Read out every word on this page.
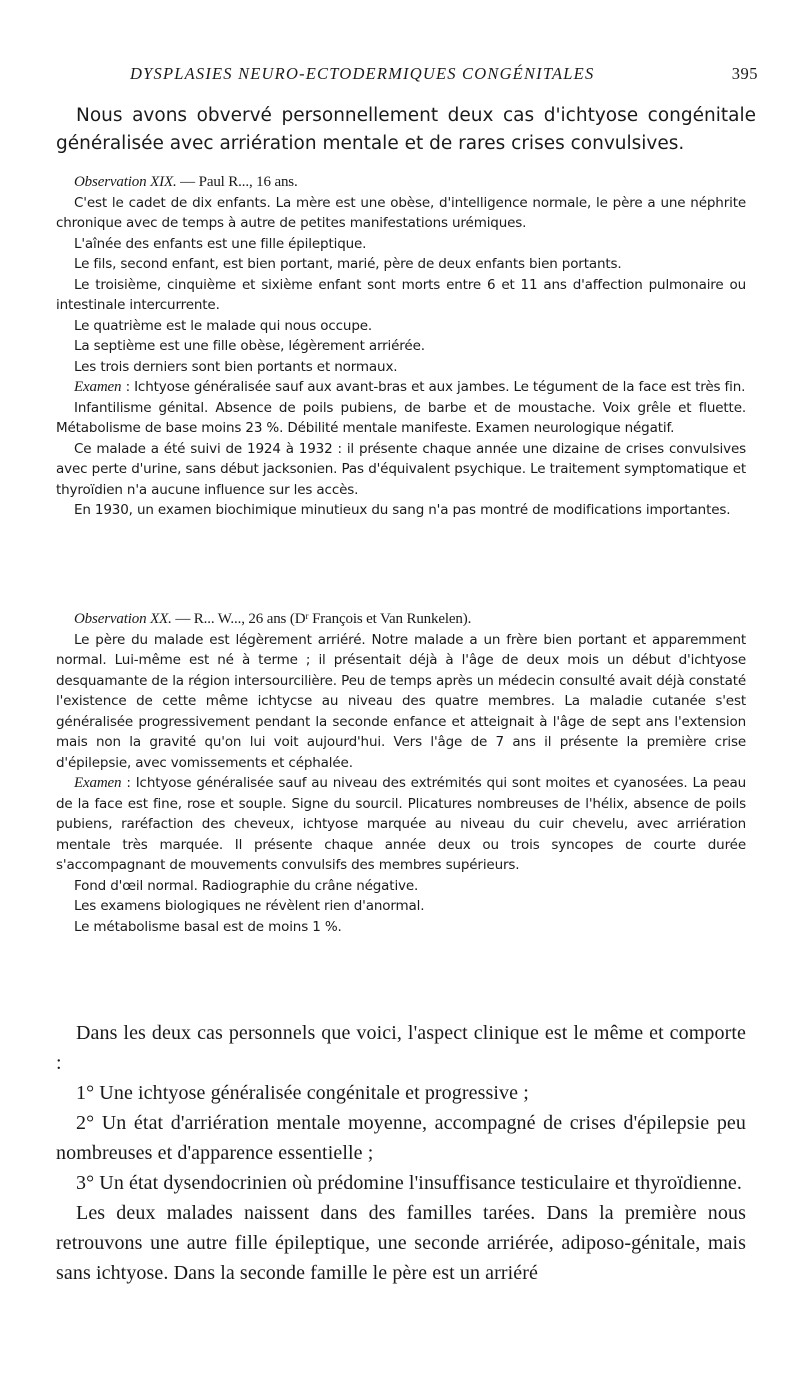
DYSPLASIES NEURO-ECTODERMIQUES CONGÉNITALES	395

Nous avons obvervé personnellement deux cas d'ichtyose congénitale généralisée avec arriération mentale et de rares crises convulsives.

Observation XIX. — Paul R..., 16 ans.

C'est le cadet de dix enfants. La mère est une obèse, d'intelligence normale, le père a une néphrite chronique avec de temps à autre de petites manifestations urémiques.

L'aînée des enfants est une fille épileptique.

Le fils, second enfant, est bien portant, marié, père de deux enfants bien portants.

Le troisième, cinquième et sixième enfant sont morts entre 6 et 11 ans d'affection pulmonaire ou intestinale intercurrente.

Le quatrième est le malade qui nous occupe.

La septième est une fille obèse, légèrement arriérée.

Les trois derniers sont bien portants et normaux.

Examen : Ichtyose généralisée sauf aux avant-bras et aux jambes. Le tégument de la face est très fin.

Infantilisme génital. Absence de poils pubiens, de barbe et de moustache. Voix grêle et fluette. Métabolisme de base moins 23 %. Débilité mentale manifeste. Examen neurologique négatif.

Ce malade a été suivi de 1924 à 1932 : il présente chaque année une dizaine de crises convulsives avec perte d'urine, sans début jacksonien. Pas d'équivalent psychique. Le traitement symptomatique et thyroïdien n'a aucune influence sur les accès.

En 1930, un examen biochimique minutieux du sang n'a pas montré de modifications importantes.

Observation XX. — R... W..., 26 ans (Dʳ François et Van Runkelen).

Le père du malade est légèrement arriéré. Notre malade a un frère bien portant et apparemment normal. Lui-même est né à terme ; il présentait déjà à l'âge de deux mois un début d'ichtyose desquamante de la région intersourcilière. Peu de temps après un médecin consulté avait déjà constaté l'existence de cette même ichtycse au niveau des quatre membres. La maladie cutanée s'est généralisée progressivement pendant la seconde enfance et atteignait à l'âge de sept ans l'extension mais non la gravité qu'on lui voit aujourd'hui. Vers l'âge de 7 ans il présente la première crise d'épilepsie, avec vomissements et céphalée.

Examen : Ichtyose généralisée sauf au niveau des extrémités qui sont moites et cyanosées. La peau de la face est fine, rose et souple. Signe du sourcil. Plicatures nombreuses de l'hélix, absence de poils pubiens, raréfaction des cheveux, ichtyose marquée au niveau du cuir chevelu, avec arriération mentale très marquée. Il présente chaque année deux ou trois syncopes de courte durée s'accompagnant de mouvements convulsifs des membres supérieurs.

Fond d'œil normal. Radiographie du crâne négative.

Les examens biologiques ne révèlent rien d'anormal.

Le métabolisme basal est de moins 1 %.

Dans les deux cas personnels que voici, l'aspect clinique est le même et comporte :

1° Une ichtyose généralisée congénitale et progressive ;

2° Un état d'arriération mentale moyenne, accompagné de crises d'épilepsie peu nombreuses et d'apparence essentielle ;

3° Un état dysendocrinien où prédomine l'insuffisance testiculaire et thyroïdienne.

Les deux malades naissent dans des familles tarées. Dans la première nous retrouvons une autre fille épileptique, une seconde arriérée, adiposo-génitale, mais sans ichtyose. Dans la seconde famille le père est un arriéré
